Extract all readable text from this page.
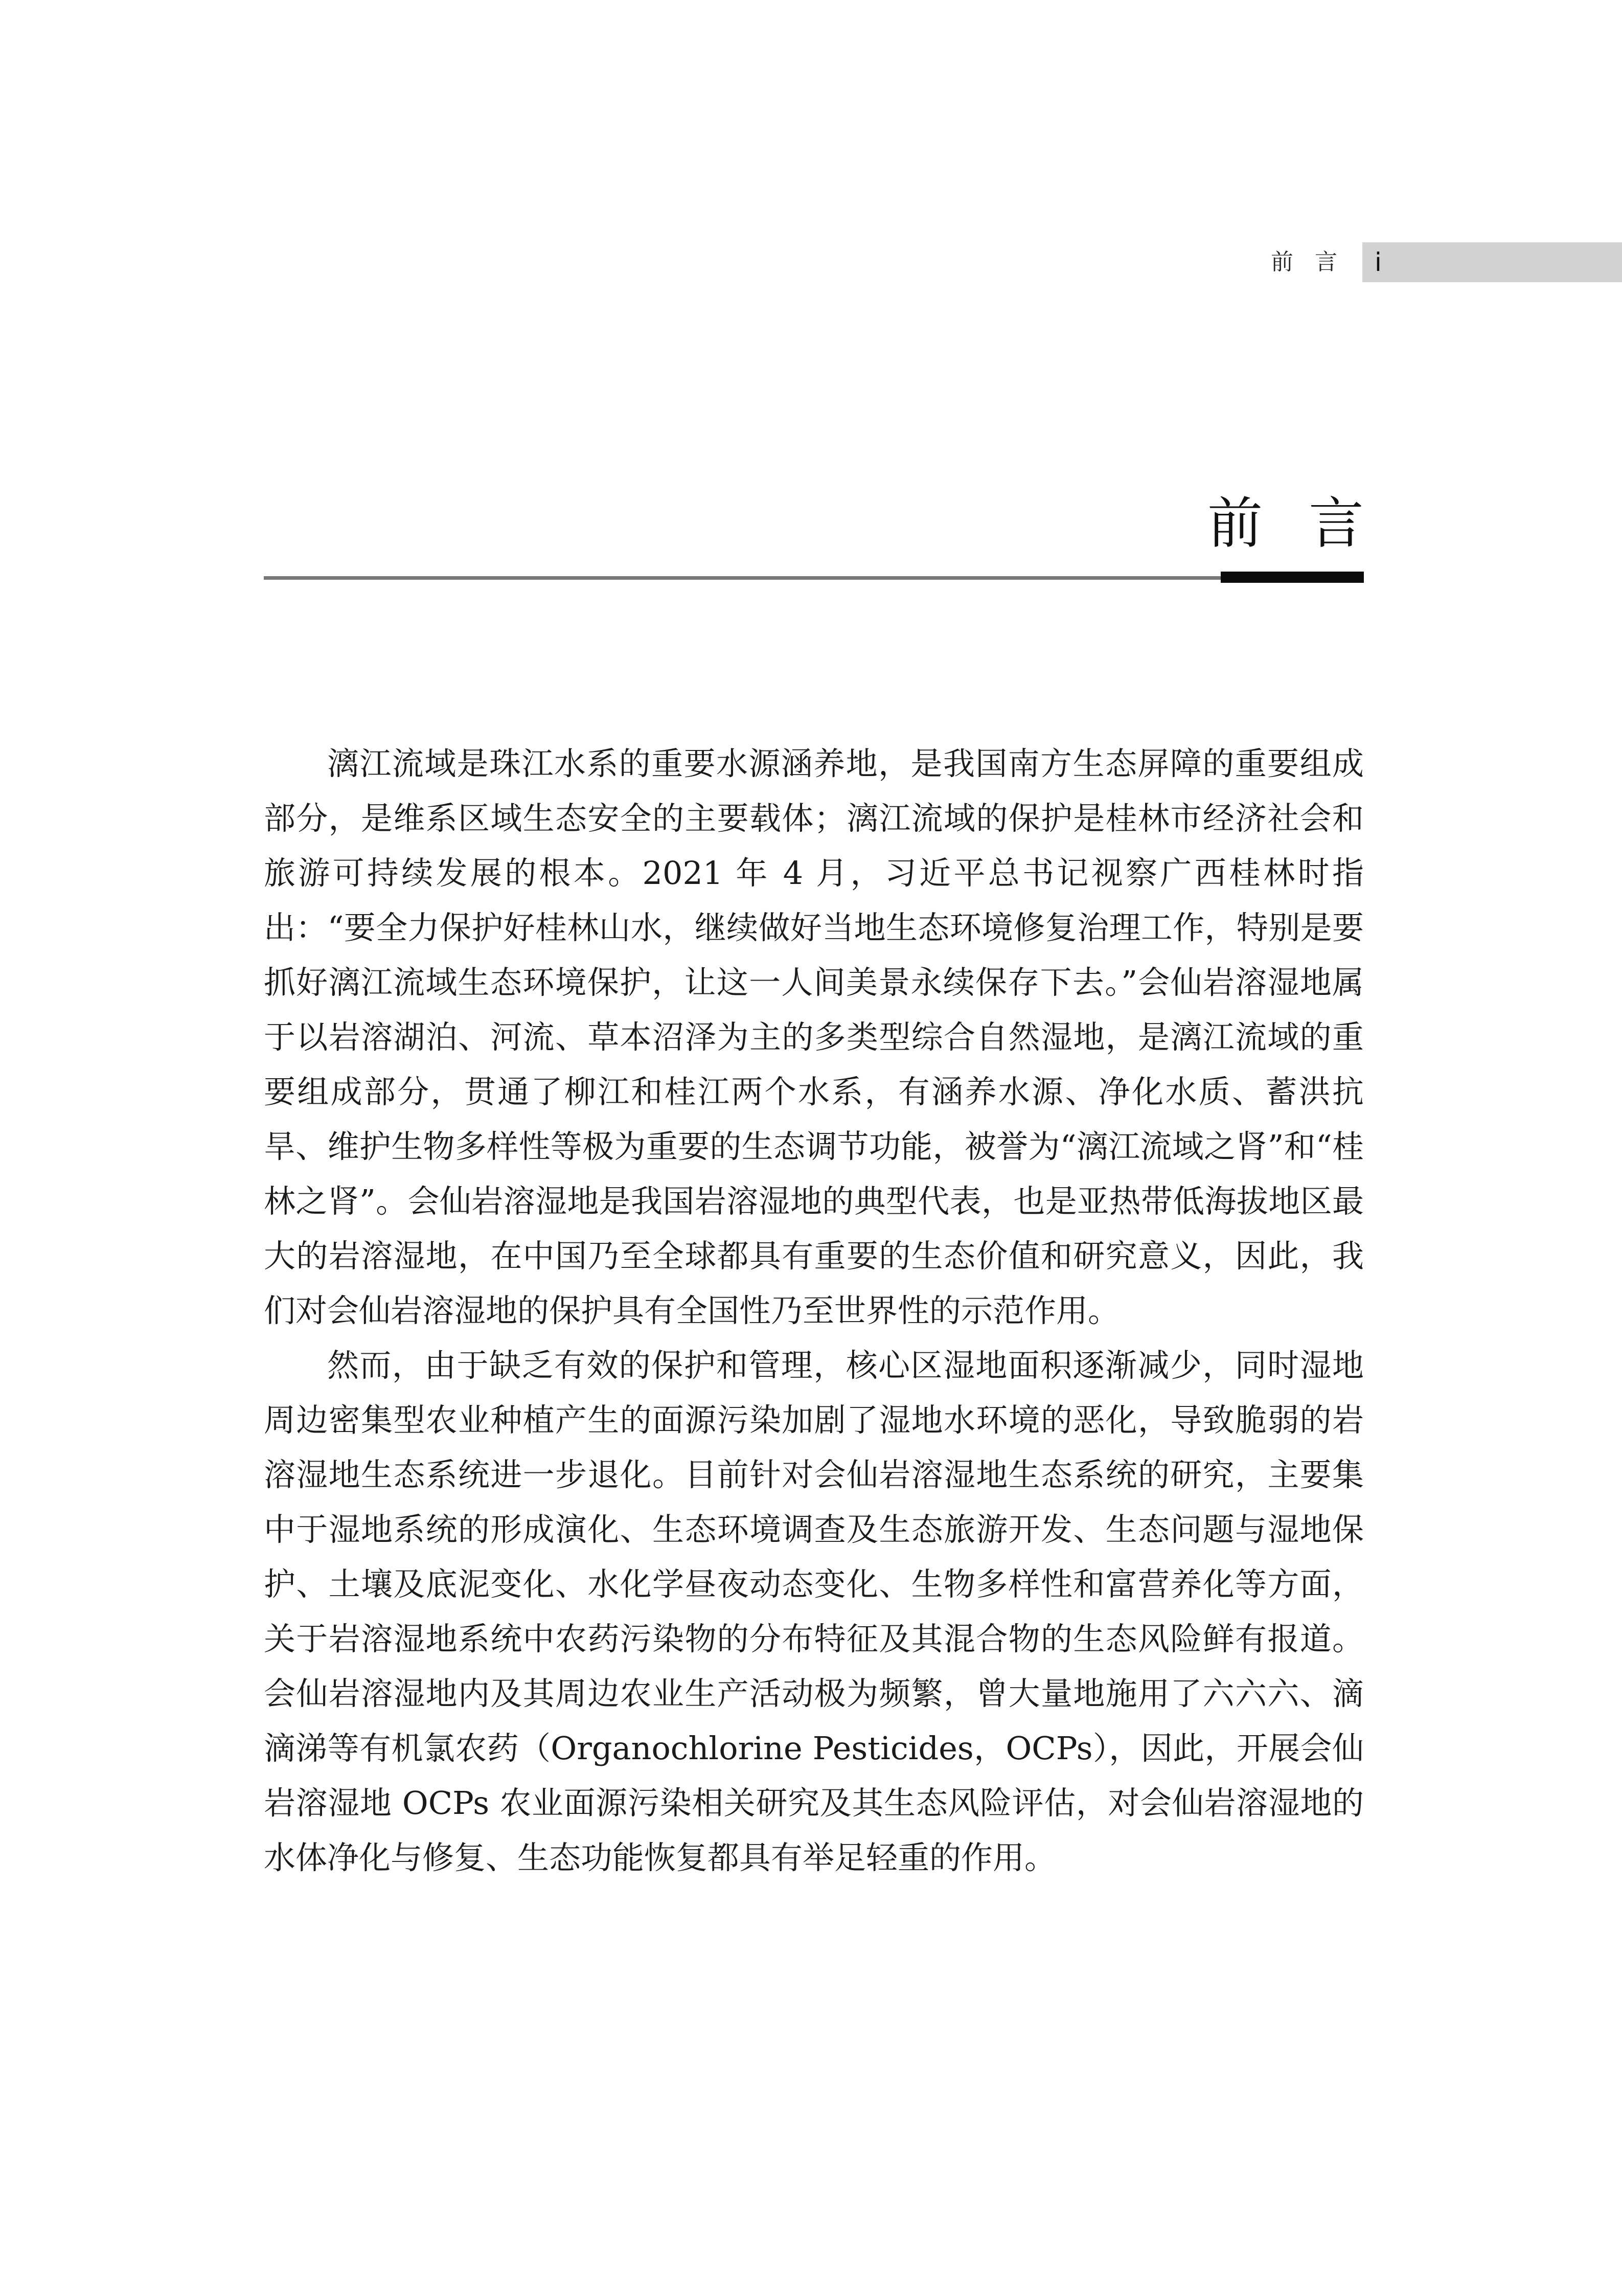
前 言 i
前言

漓江流域是珠江水系的重要水源涵养地，是我国南方生态屏障的重要组成部分，是维系区域生态安全的主要载体；漓江流域的保护是桂林市经济社会和旅游可持续发展的根本。2021 年 4 月，习近平总书记视察广西桂林时指出：“要全力保护好桂林山水，继续做好当地生态环境修复治理工作，特别是要抓好漓江流域生态环境保护，让这一人间美景永续保存下去。”会仙岩溶湿地属于以岩溶湖泊、河流、草本沼泽为主的多类型综合自然湿地，是漓江流域的重要组成部分，贯通了柳江和桂江两个水系，有涵养水源、净化水质、蓄洪抗旱、维护生物多样性等极为重要的生态调节功能，被誉为“漓江流域之肾”和“桂林之肾”。会仙岩溶湿地是我国岩溶湿地的典型代表，也是亚热带低海拔地区最大的岩溶湿地，在中国乃至全球都具有重要的生态价值和研究意义，因此，我们对会仙岩溶湿地的保护具有全国性乃至世界性的示范作用。

然而，由于缺乏有效的保护和管理，核心区湿地面积逐渐减少，同时湿地周边密集型农业种植产生的面源污染加剧了湿地水环境的恶化，导致脆弱的岩溶湿地生态系统进一步退化。目前针对会仙岩溶湿地生态系统的研究，主要集中于湿地系统的形成演化、生态环境调查及生态旅游开发、生态问题与湿地保护、土壤及底泥变化、水化学昼夜动态变化、生物多样性和富营养化等方面，关于岩溶湿地系统中农药污染物的分布特征及其混合物的生态风险鲜有报道。会仙岩溶湿地内及其周边农业生产活动极为频繁，曾大量地施用了六六六、滴滴涕等有机氯农药（Organochlorine Pesticides，OCPs），因此，开展会仙岩溶湿地 OCPs 农业面源污染相关研究及其生态风险评估，对会仙岩溶湿地的水体净化与修复、生态功能恢复都具有举足轻重的作用。
